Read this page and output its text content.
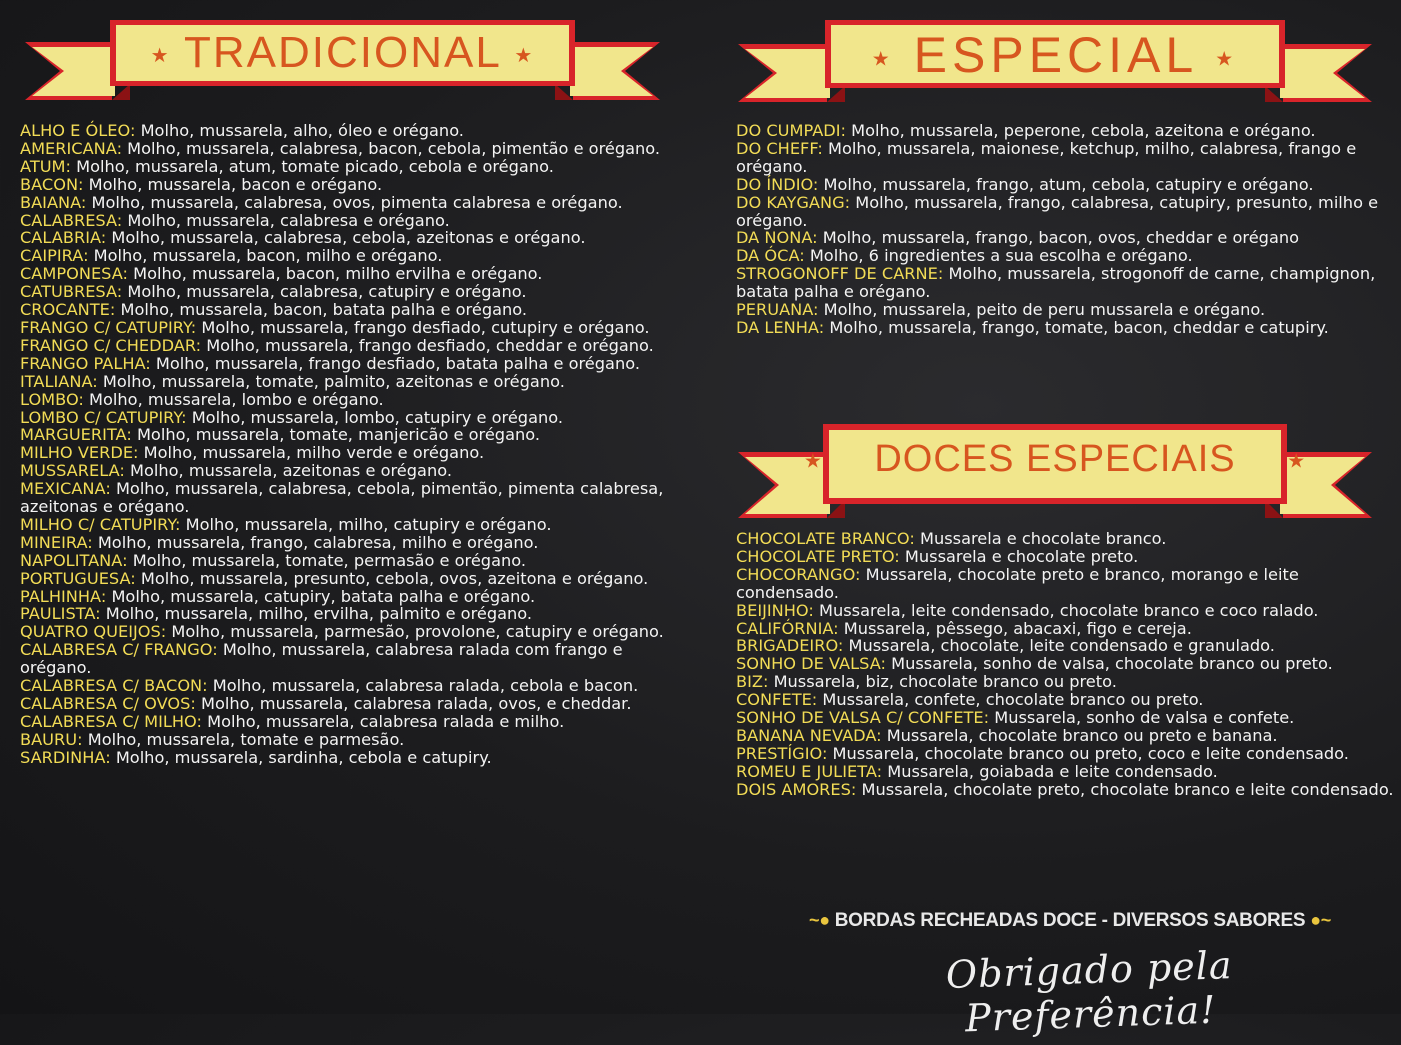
★ TRADICIONAL ★	★ ESPECIAL ★
★ DOCES ESPECIAIS	★

ALHO E ÓLEO: Molho, mussarela, alho, óleo e orégano.

AMERICANA: Molho, mussarela, calabresa, bacon, cebola, pimentão e orégano.

ATUM: Molho, mussarela, atum, tomate picado, cebola e orégano.

BACON: Molho, mussarela, bacon e orégano.

BAIANA: Molho, mussarela, calabresa, ovos, pimenta calabresa e orégano.

CALABRESA: Molho, mussarela, calabresa e orégano.

CALABRIA: Molho, mussarela, calabresa, cebola, azeitonas e orégano.

CAIPIRA: Molho, mussarela, bacon, milho e orégano.

CAMPONESA: Molho, mussarela, bacon, milho ervilha e orégano.

CATUBRESA: Molho, mussarela, calabresa, catupiry e orégano.

CROCANTE: Molho, mussarela, bacon, batata palha e orégano.

FRANGO C/ CATUPIRY: Molho, mussarela, frango desfiado, cutupiry e orégano.

FRANGO C/ CHEDDAR: Molho, mussarela, frango desfiado, cheddar e orégano.

FRANGO PALHA: Molho, mussarela, frango desfiado, batata palha e orégano.

ITALIANA: Molho, mussarela, tomate, palmito, azeitonas e orégano.

LOMBO: Molho, mussarela, lombo e orégano.

LOMBO C/ CATUPIRY: Molho, mussarela, lombo, catupiry e orégano.

MARGUERITA: Molho, mussarela, tomate, manjericão e orégano.

MILHO VERDE: Molho, mussarela, milho verde e orégano.

MUSSARELA: Molho, mussarela, azeitonas e orégano.

MEXICANA: Molho, mussarela, calabresa, cebola, pimentão, pimenta calabresa, azeitonas e orégano.

MILHO C/ CATUPIRY: Molho, mussarela, milho, catupiry e orégano.

MINEIRA: Molho, mussarela, frango, calabresa, milho e orégano.

NAPOLITANA: Molho, mussarela, tomate, permasão e orégano.

PORTUGUESA: Molho, mussarela, presunto, cebola, ovos, azeitona e orégano.

PALHINHA: Molho, mussarela, catupiry, batata palha e orégano.

PAULISTA: Molho, mussarela, milho, ervilha, palmito e orégano.

QUATRO QUEIJOS: Molho, mussarela, parmesão, provolone, catupiry e orégano.

CALABRESA C/ FRANGO: Molho, mussarela, calabresa ralada com frango e orégano.

CALABRESA C/ BACON: Molho, mussarela, calabresa ralada, cebola e bacon.

CALABRESA C/ OVOS: Molho, mussarela, calabresa ralada, ovos, e cheddar.

CALABRESA C/ MILHO: Molho, mussarela, calabresa ralada e milho.

BAURU: Molho, mussarela, tomate e parmesão.

SARDINHA: Molho, mussarela, sardinha, cebola e catupiry.

DO CUMPADI: Molho, mussarela, peperone, cebola, azeitona e orégano.

DO CHEFF: Molho, mussarela, maionese, ketchup, milho, calabresa, frango e orégano.

DO ÍNDIO: Molho, mussarela, frango, atum, cebola, catupiry e orégano.

DO KAYGANG: Molho, mussarela, frango, calabresa, catupiry, presunto, milho e orégano.

DA NONA: Molho, mussarela, frango, bacon, ovos, cheddar e orégano

DA ÓCA: Molho, 6 ingredientes a sua escolha e orégano.

STROGONOFF DE CARNE: Molho, mussarela, strogonoff de carne, champignon, batata palha e orégano.

PERUANA: Molho, mussarela, peito de peru mussarela e orégano.

DA LENHA: Molho, mussarela, frango, tomate, bacon, cheddar e catupiry.

CHOCOLATE BRANCO: Mussarela e chocolate branco.

CHOCOLATE PRETO: Mussarela e chocolate preto.

CHOCORANGO: Mussarela, chocolate preto e branco, morango e leite condensado.

BEIJINHO: Mussarela, leite condensado, chocolate branco e coco ralado.

CALIFÓRNIA: Mussarela, pêssego, abacaxi, figo e cereja.

BRIGADEIRO: Mussarela, chocolate, leite condensado e granulado.

SONHO DE VALSA: Mussarela, sonho de valsa, chocolate branco ou preto.

BIZ: Mussarela, biz, chocolate branco ou preto.

CONFETE: Mussarela, confete, chocolate branco ou preto.

SONHO DE VALSA C/ CONFETE: Mussarela, sonho de valsa e confete.

BANANA NEVADA: Mussarela, chocolate branco ou preto e banana.

PRESTÍGIO: Mussarela, chocolate branco ou preto, coco e leite condensado.

ROMEU E JULIETA: Mussarela, goiabada e leite condensado.

DOIS AMORES: Mussarela, chocolate preto, chocolate branco e leite condensado.

~● BORDAS RECHEADAS DOCE - DIVERSOS SABORES ●~
Obrigado pela Preferência!
